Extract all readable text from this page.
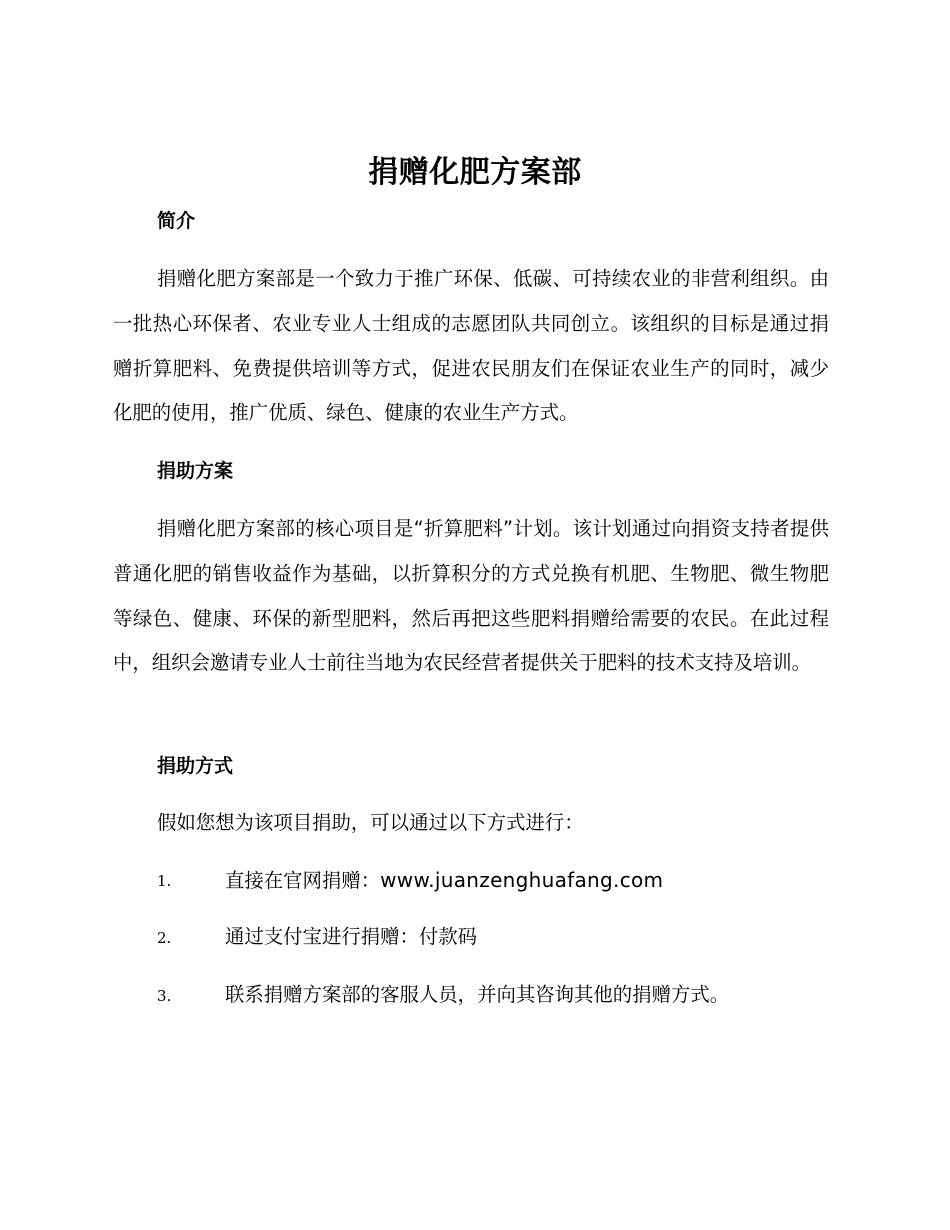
捐赠化肥方案部
简介
捐赠化肥方案部是一个致力于推广环保、低碳、可持续农业的非营利组织。由一批热心环保者、农业专业人士组成的志愿团队共同创立。该组织的目标是通过捐赠折算肥料、免费提供培训等方式，促进农民朋友们在保证农业生产的同时，减少化肥的使用，推广优质、绿色、健康的农业生产方式。
捐助方案
捐赠化肥方案部的核心项目是“折算肥料”计划。该计划通过向捐资支持者提供普通化肥的销售收益作为基础，以折算积分的方式兑换有机肥、生物肥、微生物肥等绿色、健康、环保的新型肥料，然后再把这些肥料捐赠给需要的农民。在此过程中，组织会邀请专业人士前往当地为农民经营者提供关于肥料的技术支持及培训。
捐助方式
假如您想为该项目捐助，可以通过以下方式进行：
1.	直接在官网捐赠：www.juanzenghuafang.com
2.	通过支付宝进行捐赠：付款码
3.	联系捐赠方案部的客服人员，并向其咨询其他的捐赠方式。
